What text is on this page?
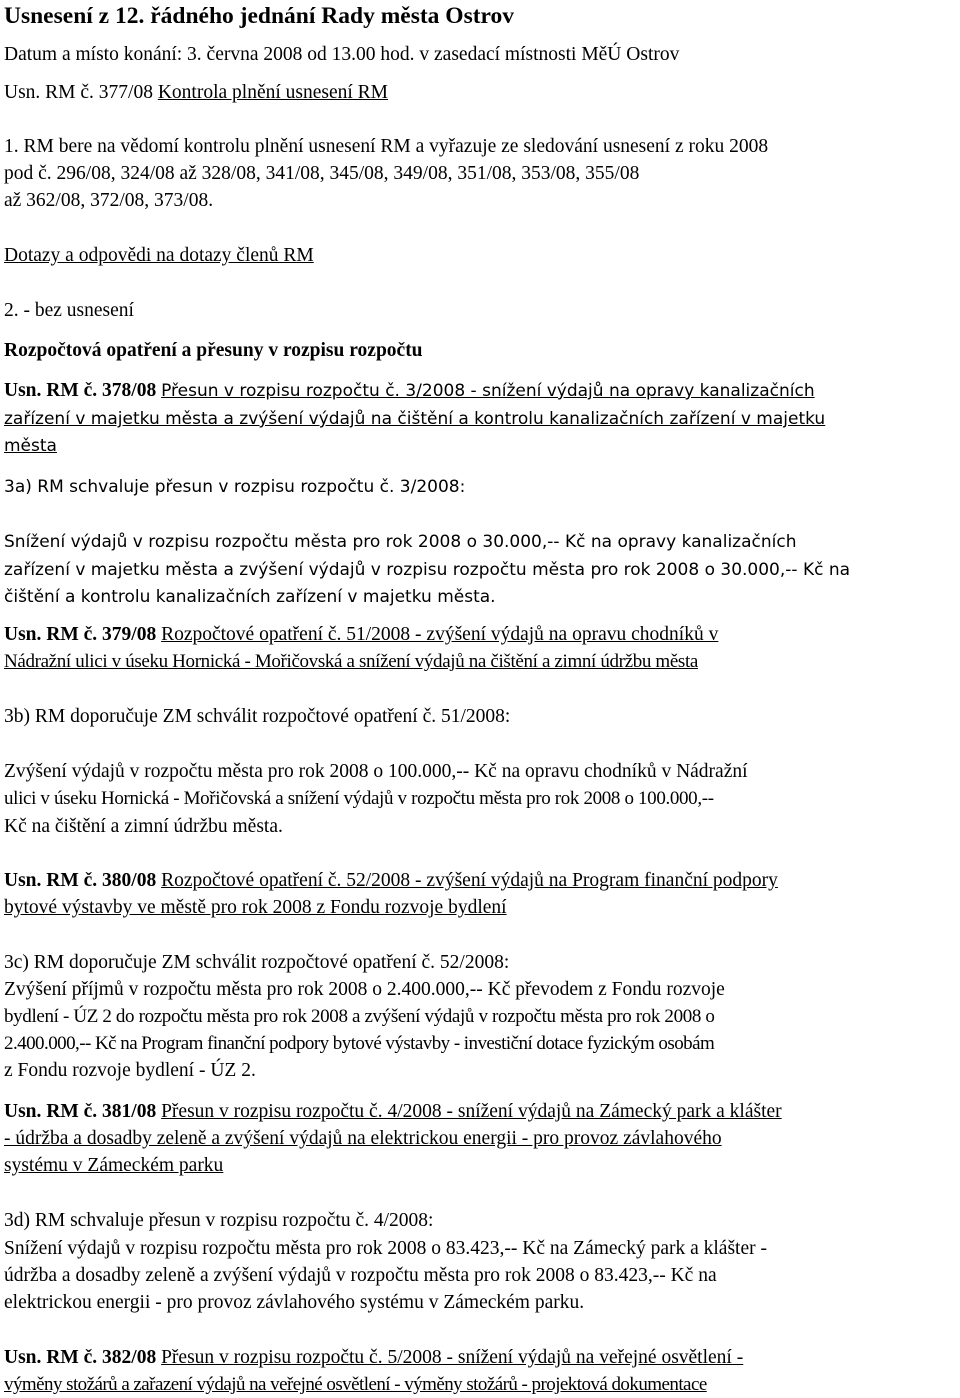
Usnesení z 12. řádného jednání Rady města Ostrov
Datum a místo konání: 3. června 2008 od 13.00 hod. v zasedací místnosti MěÚ Ostrov
Usn. RM č. 377/08 Kontrola plnění usnesení RM
1. RM bere na vědomí kontrolu plnění usnesení RM a vyřazuje ze sledování usnesení z roku 2008
pod č. 296/08, 324/08 až 328/08, 341/08, 345/08, 349/08, 351/08, 353/08, 355/08
až 362/08, 372/08, 373/08.
Dotazy a odpovědi na dotazy členů RM
2. - bez usnesení
Rozpočtová opatření a přesuny v rozpisu rozpočtu
Usn. RM č. 378/08 Přesun v rozpisu rozpočtu č. 3/2008 - snížení výdajů na opravy kanalizačních
zařízení v majetku města a zvýšení výdajů na čištění a kontrolu kanalizačních zařízení v majetku
města
3a) RM schvaluje přesun v rozpisu rozpočtu č. 3/2008:
Snížení výdajů v rozpisu rozpočtu města pro rok 2008 o 30.000,-- Kč na opravy kanalizačních
zařízení v majetku města a zvýšení výdajů v rozpisu rozpočtu města pro rok 2008 o 30.000,-- Kč na
čištění a kontrolu kanalizačních zařízení v majetku města.
Usn. RM č. 379/08 Rozpočtové opatření č. 51/2008 - zvýšení výdajů na opravu chodníků v
Nádražní ulici v úseku Hornická - Mořičovská a snížení výdajů na čištění a zimní údržbu města
3b) RM doporučuje ZM schválit rozpočtové opatření č. 51/2008:
Zvýšení výdajů v rozpočtu města pro rok 2008 o 100.000,-- Kč na opravu chodníků v Nádražní
ulici v úseku Hornická - Mořičovská a snížení výdajů v rozpočtu města pro rok 2008 o 100.000,--
Kč na čištění a zimní údržbu města.
Usn. RM č. 380/08 Rozpočtové opatření č. 52/2008 - zvýšení výdajů na Program finanční podpory
bytové výstavby ve městě pro rok 2008 z Fondu rozvoje bydlení
3c) RM doporučuje ZM schválit rozpočtové opatření č. 52/2008:
Zvýšení příjmů v rozpočtu města pro rok 2008 o 2.400.000,-- Kč převodem z Fondu rozvoje
bydlení - ÚZ 2 do rozpočtu města pro rok 2008 a zvýšení výdajů v rozpočtu města pro rok 2008 o
2.400.000,-- Kč na Program finanční podpory bytové výstavby - investiční dotace fyzickým osobám
z Fondu rozvoje bydlení - ÚZ 2.
Usn. RM č. 381/08 Přesun v rozpisu rozpočtu č. 4/2008 - snížení výdajů na Zámecký park a klášter
- údržba a dosadby zeleně a zvýšení výdajů na elektrickou energii - pro provoz závlahového
systému v Zámeckém parku
3d) RM schvaluje přesun v rozpisu rozpočtu č. 4/2008:
Snížení výdajů v rozpisu rozpočtu města pro rok 2008 o 83.423,-- Kč na Zámecký park a klášter -
údržba a dosadby zeleně a zvýšení výdajů v rozpočtu města pro rok 2008 o 83.423,-- Kč na
elektrickou energii - pro provoz závlahového systému v Zámeckém parku.
Usn. RM č. 382/08 Přesun v rozpisu rozpočtu č. 5/2008 - snížení výdajů na veřejné osvětlení -
výměny stožárů a zařazení výdajů na veřejné osvětlení - výměny stožárů - projektová dokumentace
